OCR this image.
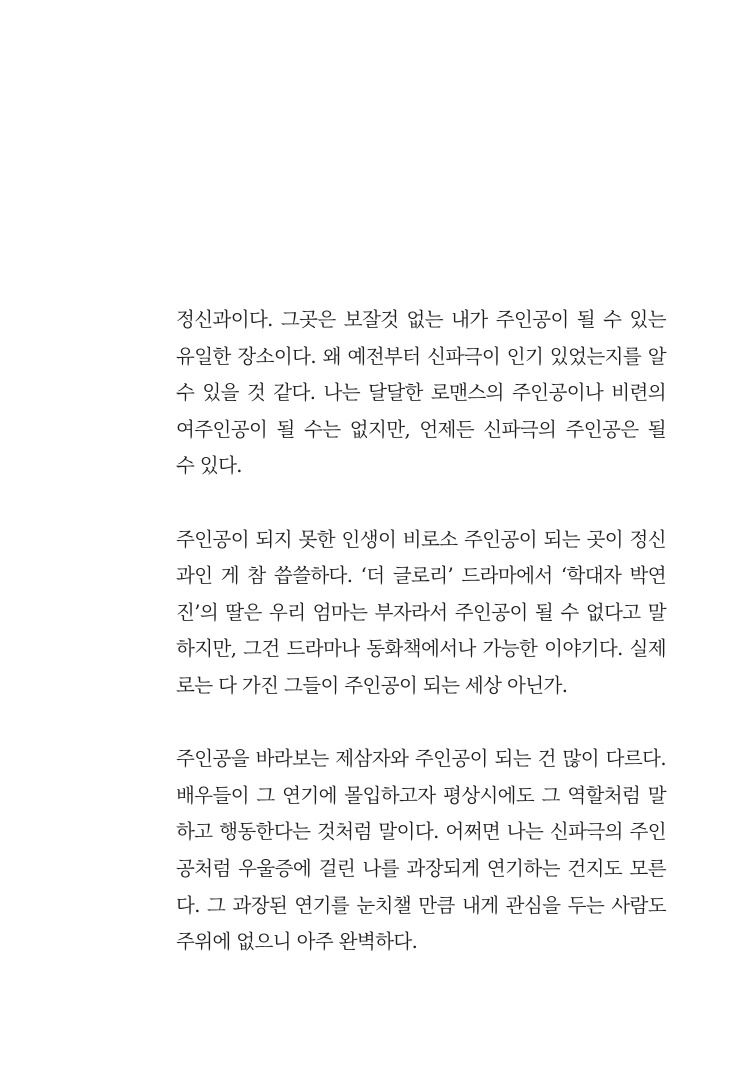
정신과이다. 그곳은 보잘것 없는 내가 주인공이 될 수 있는
유일한 장소이다. 왜 예전부터 신파극이 인기 있었는지를 알
수 있을 것 같다. 나는 달달한 로맨스의 주인공이나 비련의
여주인공이 될 수는 없지만, 언제든 신파극의 주인공은 될
수 있다.

주인공이 되지 못한 인생이 비로소 주인공이 되는 곳이 정신
과인 게 참 씁쓸하다. ‘더 글로리’ 드라마에서 ‘학대자 박연
진’의 딸은 우리 엄마는 부자라서 주인공이 될 수 없다고 말
하지만, 그건 드라마나 동화책에서나 가능한 이야기다. 실제
로는 다 가진 그들이 주인공이 되는 세상 아닌가.

주인공을 바라보는 제삼자와 주인공이 되는 건 많이 다르다.
배우들이 그 연기에 몰입하고자 평상시에도 그 역할처럼 말
하고 행동한다는 것처럼 말이다. 어쩌면 나는 신파극의 주인
공처럼 우울증에 걸린 나를 과장되게 연기하는 건지도 모른
다. 그 과장된 연기를 눈치챌 만큼 내게 관심을 두는 사람도
주위에 없으니 아주 완벽하다.
